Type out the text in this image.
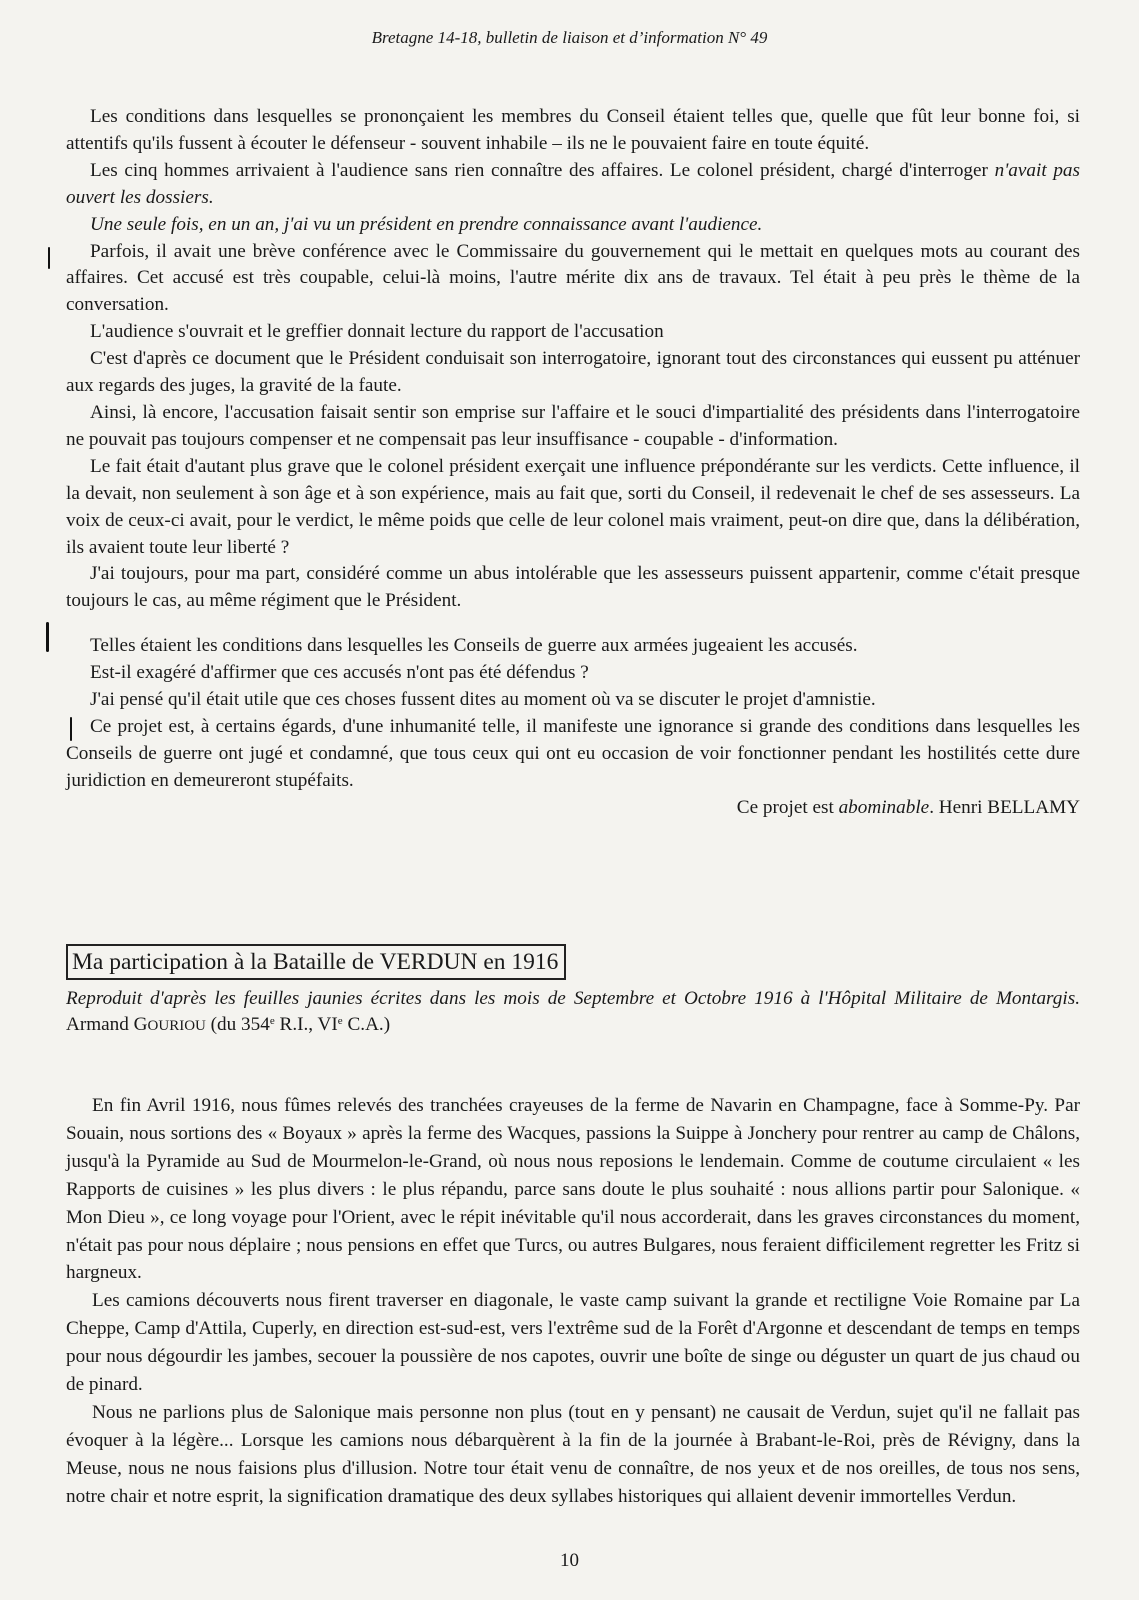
Bretagne 14-18, bulletin de liaison et d’information N° 49

Les conditions dans lesquelles se prononçaient les membres du Conseil étaient telles que, quelle que fût leur bonne foi, si attentifs qu'ils fussent à écouter le défenseur - souvent inhabile – ils ne le pouvaient faire en toute équité.

Les cinq hommes arrivaient à l'audience sans rien connaître des affaires. Le colonel président, chargé d'interroger n'avait pas ouvert les dossiers.

Une seule fois, en un an, j'ai vu un président en prendre connaissance avant l'audience.

Parfois, il avait une brève conférence avec le Commissaire du gouvernement qui le mettait en quelques mots au courant des affaires. Cet accusé est très coupable, celui-là moins, l'autre mérite dix ans de travaux. Tel était à peu près le thème de la conversation.

L'audience s'ouvrait et le greffier donnait lecture du rapport de l'accusation

C'est d'après ce document que le Président conduisait son interrogatoire, ignorant tout des circonstances qui eussent pu atténuer aux regards des juges, la gravité de la faute.

Ainsi, là encore, l'accusation faisait sentir son emprise sur l'affaire et le souci d'impartialité des présidents dans l'interrogatoire ne pouvait pas toujours compenser et ne compensait pas leur insuffisance - coupable - d'information.

Le fait était d'autant plus grave que le colonel président exerçait une influence prépondérante sur les verdicts. Cette influence, il la devait, non seulement à son âge et à son expérience, mais au fait que, sorti du Conseil, il redevenait le chef de ses assesseurs. La voix de ceux-ci avait, pour le verdict, le même poids que celle de leur colonel mais vraiment, peut-on dire que, dans la délibération, ils avaient toute leur liberté ?

J'ai toujours, pour ma part, considéré comme un abus intolérable que les assesseurs puissent appartenir, comme c'était presque toujours le cas, au même régiment que le Président.

Telles étaient les conditions dans lesquelles les Conseils de guerre aux armées jugeaient les accusés.

Est-il exagéré d'affirmer que ces accusés n'ont pas été défendus ?

J'ai pensé qu'il était utile que ces choses fussent dites au moment où va se discuter le projet d'amnistie.

Ce projet est, à certains égards, d'une inhumanité telle, il manifeste une ignorance si grande des conditions dans lesquelles les Conseils de guerre ont jugé et condamné, que tous ceux qui ont eu occasion de voir fonctionner pendant les hostilités cette dure juridiction en demeureront stupéfaits.

Ce projet est abominable. Henri BELLAMY

Ma participation à la Bataille de VERDUN en 1916
Reproduit d'après les feuilles jaunies écrites dans les mois de Septembre et Octobre 1916 à l'Hôpital Militaire de Montargis. Armand GOURIOU (du 354e R.I., VIe C.A.)

En fin Avril 1916, nous fûmes relevés des tranchées crayeuses de la ferme de Navarin en Champagne, face à Somme-Py. Par Souain, nous sortions des « Boyaux » après la ferme des Wacques, passions la Suippe à Jonchery pour rentrer au camp de Châlons, jusqu'à la Pyramide au Sud de Mourmelon-le-Grand, où nous nous reposions le lendemain. Comme de coutume circulaient « les Rapports de cuisines » les plus divers : le plus répandu, parce sans doute le plus souhaité : nous allions partir pour Salonique. « Mon Dieu », ce long voyage pour l'Orient, avec le répit inévitable qu'il nous accorderait, dans les graves circonstances du moment, n'était pas pour nous déplaire ; nous pensions en effet que Turcs, ou autres Bulgares, nous feraient difficilement regretter les Fritz si hargneux.

Les camions découverts nous firent traverser en diagonale, le vaste camp suivant la grande et rectiligne Voie Romaine par La Cheppe, Camp d'Attila, Cuperly, en direction est-sud-est, vers l'extrême sud de la Forêt d'Argonne et descendant de temps en temps pour nous dégourdir les jambes, secouer la poussière de nos capotes, ouvrir une boîte de singe ou déguster un quart de jus chaud ou de pinard.

Nous ne parlions plus de Salonique mais personne non plus (tout en y pensant) ne causait de Verdun, sujet qu'il ne fallait pas évoquer à la légère... Lorsque les camions nous débarquèrent à la fin de la journée à Brabant-le-Roi, près de Révigny, dans la Meuse, nous ne nous faisions plus d'illusion. Notre tour était venu de connaître, de nos yeux et de nos oreilles, de tous nos sens, notre chair et notre esprit, la signification dramatique des deux syllabes historiques qui allaient devenir immortelles Verdun.

10
